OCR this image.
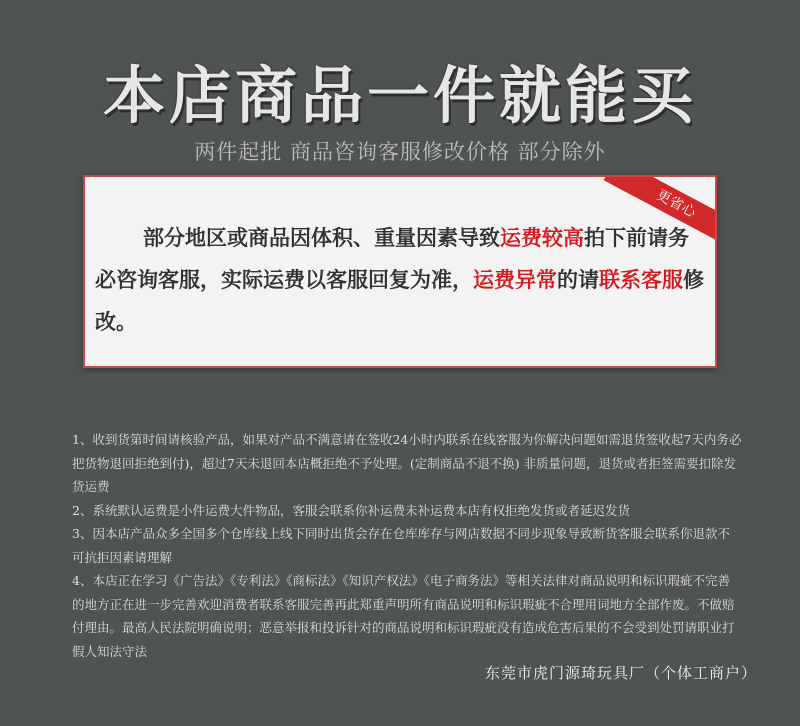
本店商品一件就能买
两件起批 商品咨询客服修改价格 部分除外
更省心
部分地区或商品因体积、重量因素导致运费较高拍下前请务必咨询客服，实际运费以客服回复为准，运费异常的请联系客服修改。

1、收到货第时间请核验产品，如果对产品不满意请在签收24小时内联系在线客服为你解决问题如需退货签收起7天内务必把货物退回拒绝到付)，超过7天未退回本店概拒绝不予处理。(定制商品不退不换) 非质量问题，退货或者拒签需要扣除发货运费

2、系统默认运费是小件运费大件物品，客服会联系你补运费未补运费本店有权拒绝发货或者延迟发货

3、因本店产品众多全国多个仓库线上线下同时出货会存在仓库库存与网店数据不同步现象导致断货客服会联系你退款不可抗拒因素请理解

4、本店正在学习《广告法》《专利法》《商标法》《知识产权法》《电子商务法》等相关法律对商品说明和标识瑕疵不完善的地方正在进一步完善欢迎消费者联系客服完善再此郑重声明所有商品说明和标识瑕疵不合理用词地方全部作废。不做赔付理由。最高人民法院明确说明；恶意举报和投诉针对的商品说明和标识瑕疵没有造成危害后果的不会受到处罚请职业打假人知法守法

东莞市虎门源琦玩具厂（个体工商户）
